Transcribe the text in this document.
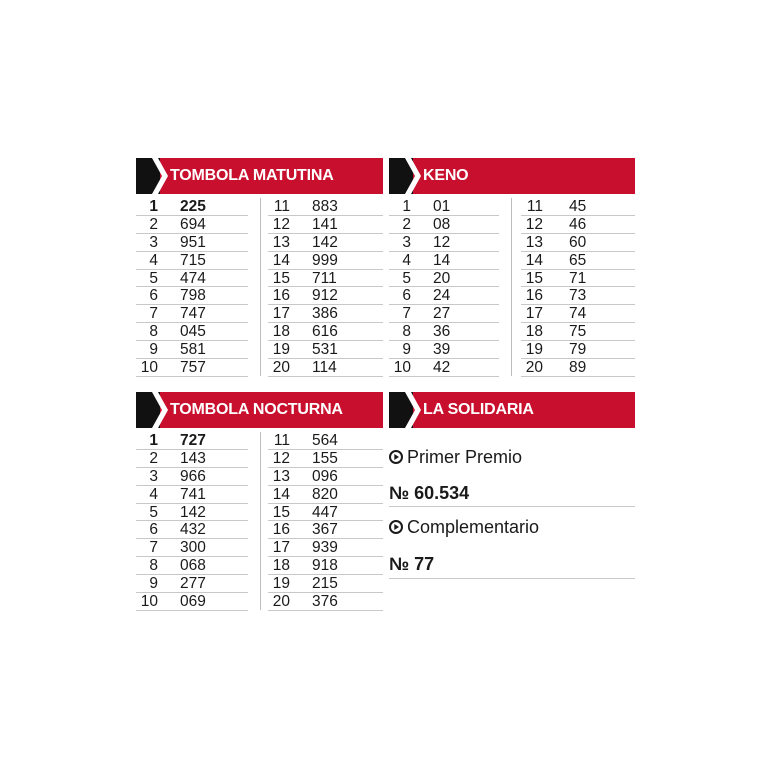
TOMBOLA MATUTINA
1 225
2 694
3 951
4 715
5 474
6 798
7 747
8 045
9 581
10 757
11 883
12 141
13 142
14 999
15 711
16 912
17 386
18 616
19 531
20 114
KENO
1 01
2 08
3 12
4 14
5 20
6 24
7 27
8 36
9 39
10 42
11 45
12 46
13 60
14 65
15 71
16 73
17 74
18 75
19 79
20 89
TOMBOLA NOCTURNA
1 727
2 143
3 966
4 741
5 142
6 432
7 300
8 068
9 277
10 069
11 564
12 155
13 096
14 820
15 447
16 367
17 939
18 918
19 215
20 376
LA SOLIDARIA
Primer Premio
№ 60.534
Complementario
№ 77
